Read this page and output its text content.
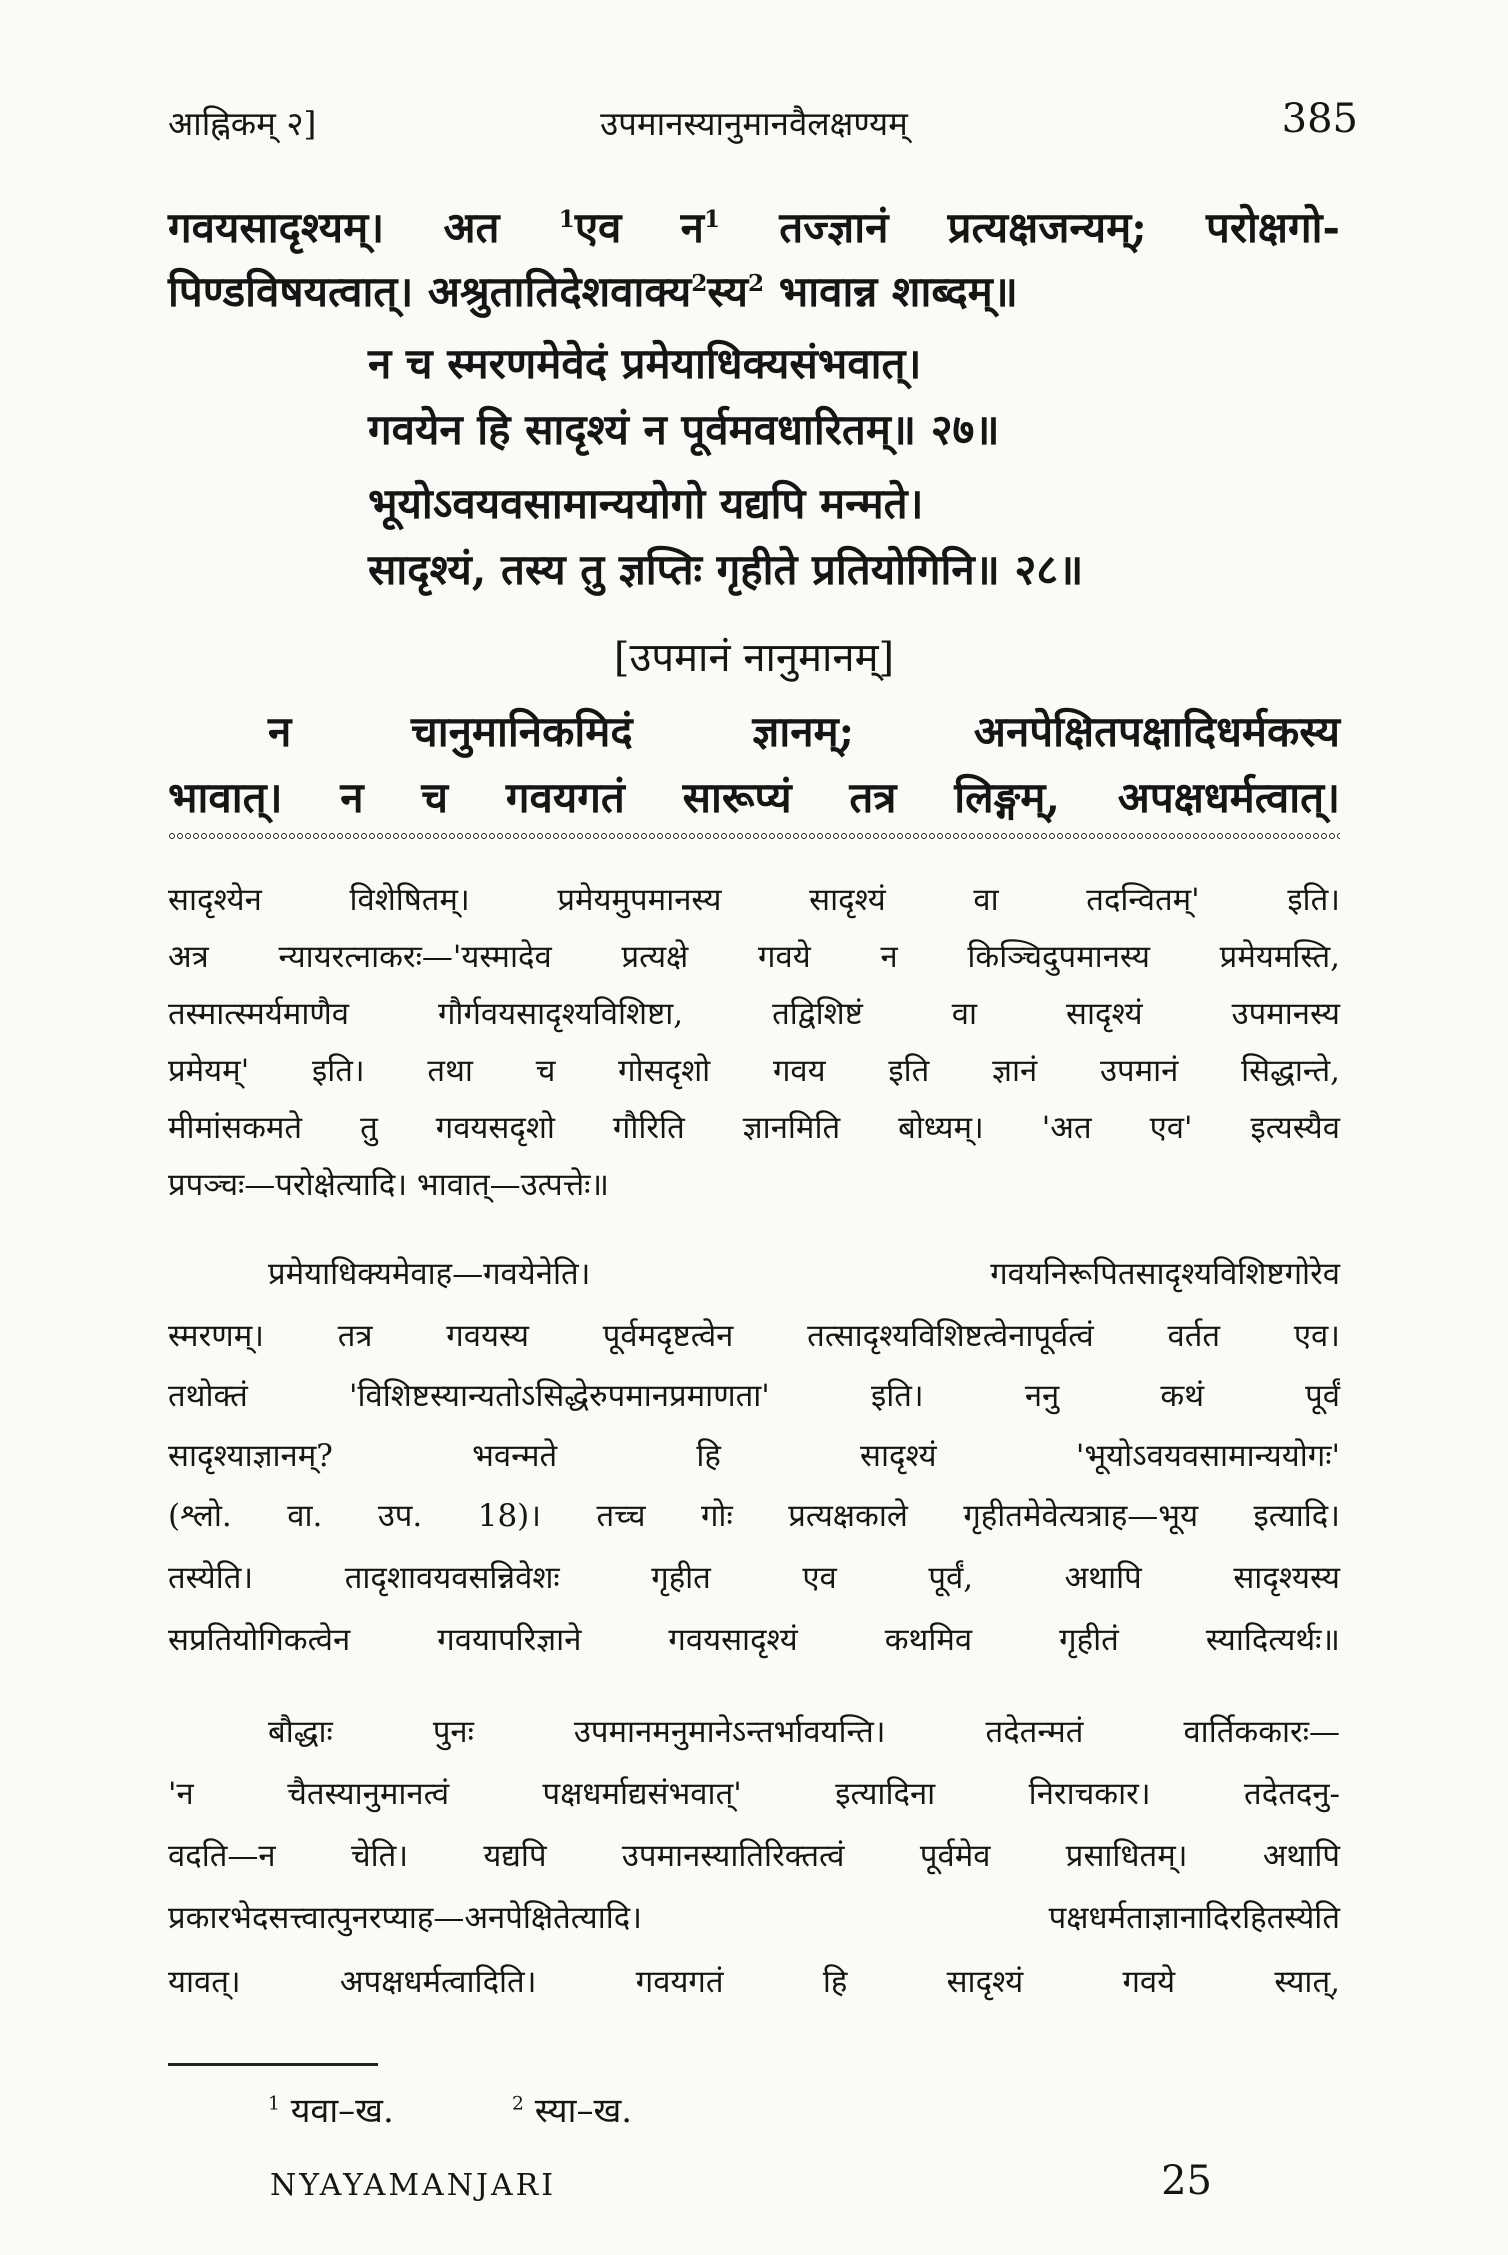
आह्निकम् २]	उपमानस्यानुमानवैलक्षण्यम्	385
गवयसादृश्यम्। अत $^1$एव न$^1$ तज्ज्ञानं प्रत्यक्षजन्यम्; परोक्षगो-
पिण्डविषयत्वात्। अश्रुतातिदेशवाक्य$^2$स्य$^2$ भावान्न शाब्दम्॥
न च स्मरणमेवेदं प्रमेयाधिक्यसंभवात्।
गवयेन हि सादृश्यं न पूर्वमवधारितम्॥ २७॥
भूयोऽवयवसामान्ययोगो यद्यपि मन्मते।
सादृश्यं, तस्य तु ज्ञप्तिः गृहीते प्रतियोगिनि॥ २८॥
[उपमानं नानुमानम्]
न चानुमानिकमिदं ज्ञानम्; अनपेक्षितपक्षादिधर्मकस्य
भावात्। न च गवयगतं सारूप्यं तत्र लिङ्गम्, अपक्षधर्मत्वात्।
सादृश्येन विशेषितम्। प्रमेयमुपमानस्य सादृश्यं वा तदन्वितम्' इति।
अत्र न्यायरत्नाकरः—'यस्मादेव प्रत्यक्षे गवये न किञ्चिदुपमानस्य प्रमेयमस्ति,
तस्मात्स्मर्यमाणैव गौर्गवयसादृश्यविशिष्टा, तद्विशिष्टं वा सादृश्यं उपमानस्य
प्रमेयम्' इति। तथा च गोसदृशो गवय इति ज्ञानं उपमानं सिद्धान्ते,
मीमांसकमते तु गवयसदृशो गौरिति ज्ञानमिति बोध्यम्। 'अत एव' इत्यस्यैव
प्रपञ्चः—परोक्षेत्यादि। भावात्—उत्पत्तेः॥
प्रमेयाधिक्यमेवाह—गवयेनेति। गवयनिरूपितसादृश्यविशिष्टगोरेव
स्मरणम्। तत्र गवयस्य पूर्वमदृष्टत्वेन तत्सादृश्यविशिष्टत्वेनापूर्वत्वं वर्तत एव।
तथोक्तं 'विशिष्टस्यान्यतोऽसिद्धेरुपमानप्रमाणता' इति। ननु कथं पूर्वं
सादृश्याज्ञानम्? भवन्मते हि सादृश्यं 'भूयोऽवयवसामान्ययोगः'
(श्लो. वा. उप. 18)। तच्च गोः प्रत्यक्षकाले गृहीतमेवेत्यत्राह—भूय इत्यादि।
तस्येति। तादृशावयवसन्निवेशः गृहीत एव पूर्वं, अथापि सादृश्यस्य
सप्रतियोगिकत्वेन गवयापरिज्ञाने गवयसादृश्यं कथमिव गृहीतं स्यादित्यर्थः॥
बौद्धाः पुनः उपमानमनुमानेऽन्तर्भावयन्ति। तदेतन्मतं वार्तिककारः—
'न चैतस्यानुमानत्वं पक्षधर्माद्यसंभवात्' इत्यादिना निराचकार। तदेतदनु-
वदति—न चेति। यद्यपि उपमानस्यातिरिक्तत्वं पूर्वमेव प्रसाधितम्। अथापि
प्रकारभेदसत्त्वात्पुनरप्याह—अनपेक्षितेत्यादि। पक्षधर्मताज्ञानादिरहितस्येति
यावत्। अपक्षधर्मत्वादिति। गवयगतं हि सादृश्यं गवये स्यात्,
$^1$ यवा–ख.	$^2$ स्या–ख.
NYAYAMANJARI	25
